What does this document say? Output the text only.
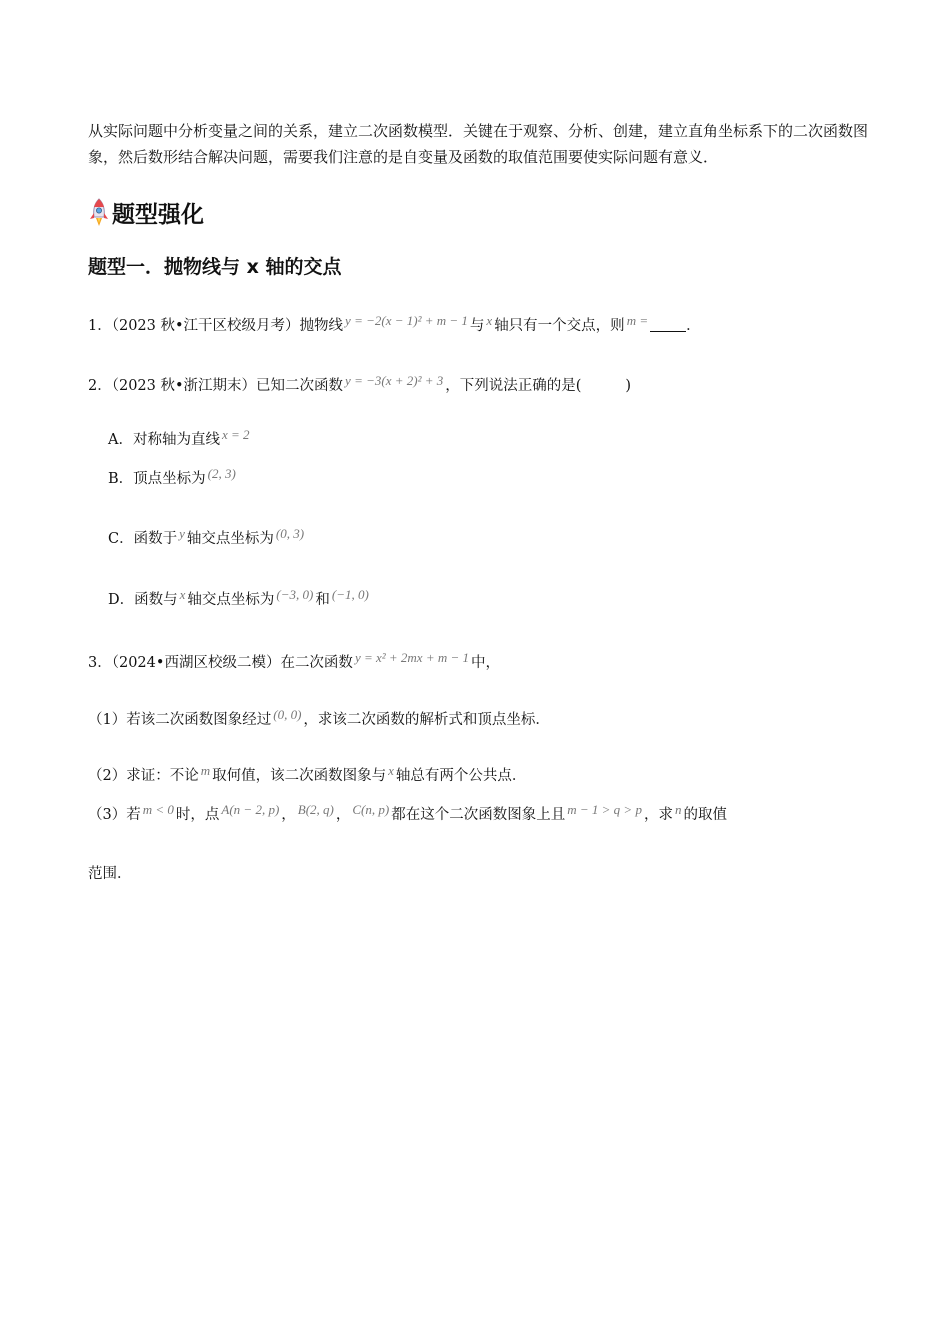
从实际问题中分析变量之间的关系，建立二次函数模型．关键在于观察、分析、创建，建立直角坐标系下的二次函数图象，然后数形结合解决问题，需要我们注意的是自变量及函数的取值范围要使实际问题有意义．
题型强化
题型一．抛物线与 x 轴的交点
1．（2023 秋•江干区校级月考）抛物线 y = −2(x − 1)² + m − 1 与 x 轴只有一个交点，则 m =	．
2．（2023 秋•浙江期末）已知二次函数 y = −3(x + 2)² + 3 ，下列说法正确的是(	)
A．对称轴为直线 x = 2
B．顶点坐标为 (2, 3)
C．函数于 y 轴交点坐标为 (0, 3)
D．函数与 x 轴交点坐标为 (−3, 0) 和 (−1, 0)
3．（2024•西湖区校级二模）在二次函数 y = x² + 2mx + m − 1 中，
（1）若该二次函数图象经过 (0, 0) ，求该二次函数的解析式和顶点坐标．
（2）求证：不论 m 取何值，该二次函数图象与 x 轴总有两个公共点．
（3）若 m < 0 时，点 A(n − 2, p) ， B(2, q) ， C(n, p) 都在这个二次函数图象上且 m − 1 > q > p ，求 n 的取值
范围．
